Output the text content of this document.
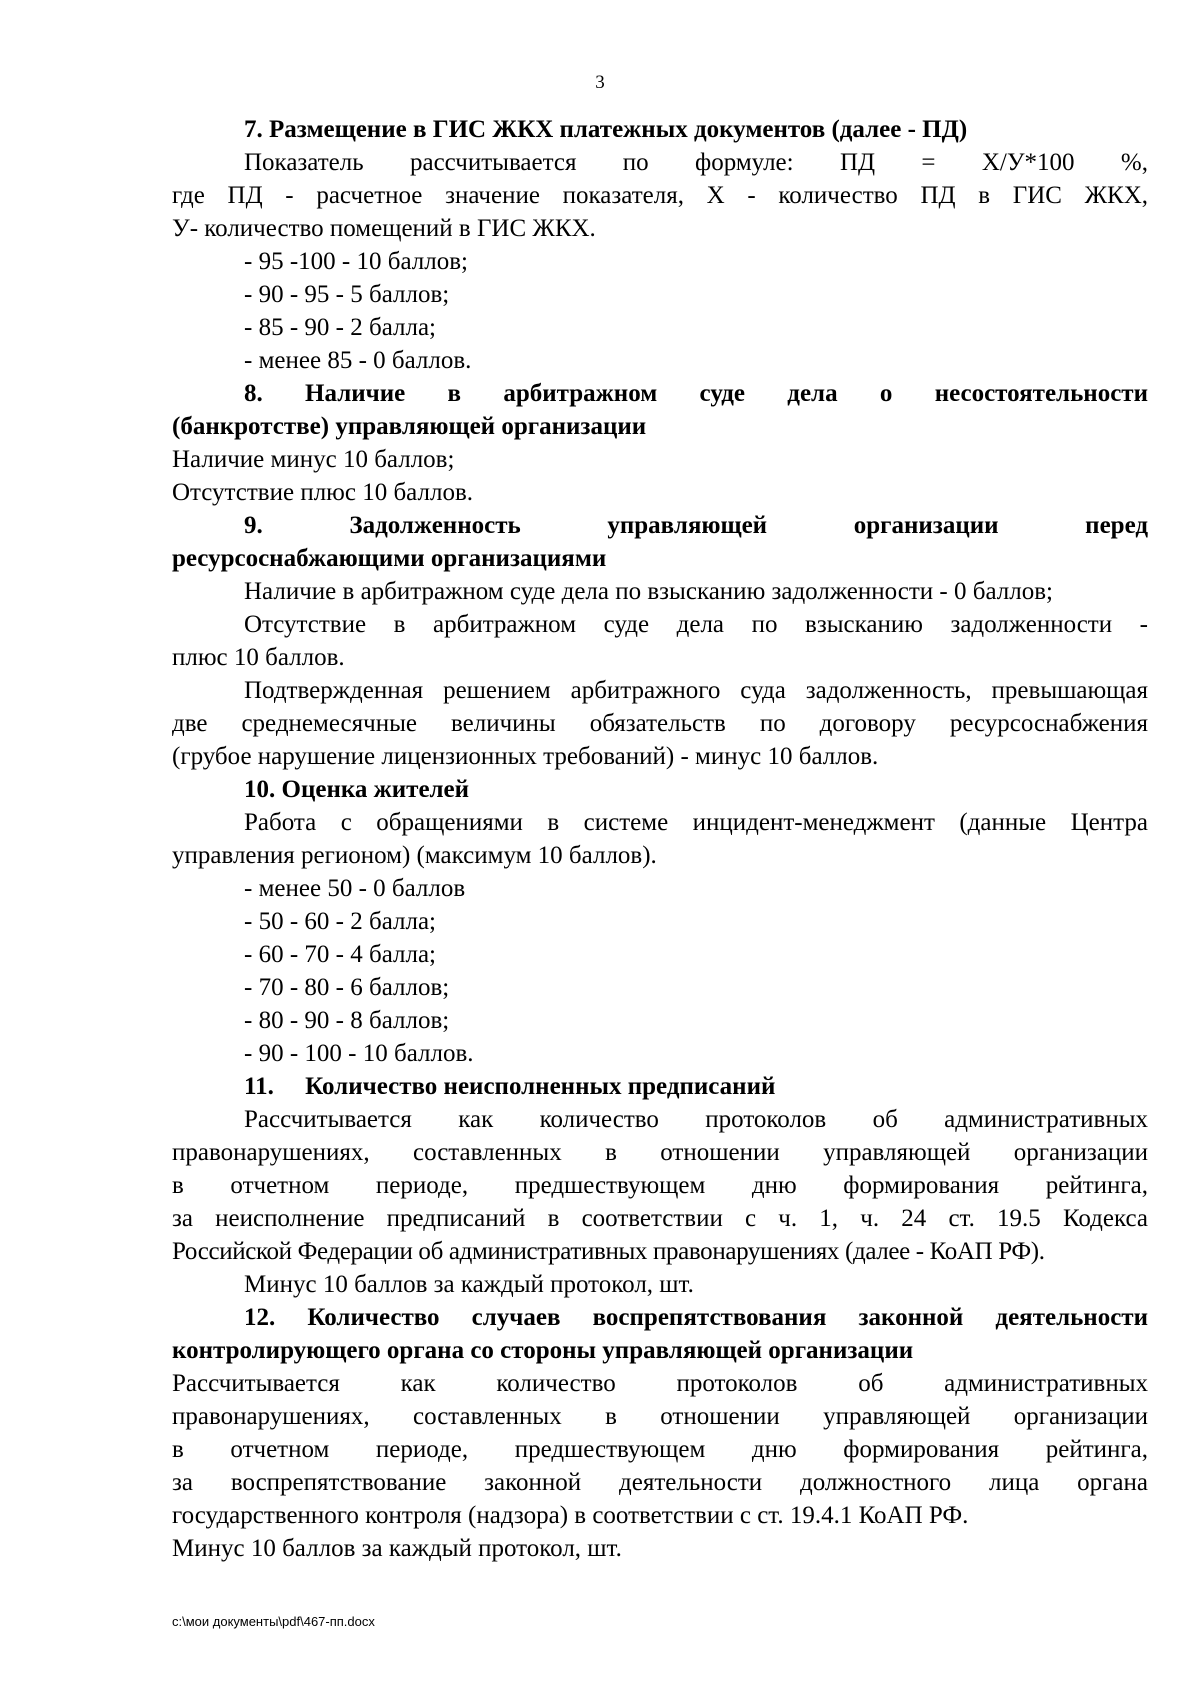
3
7. Размещение в ГИС ЖКХ платежных документов (далее - ПД)
Показатель рассчитывается по формуле: ПД = Х/У*100 %,
где ПД - расчетное значение показателя, Х - количество ПД в ГИС ЖКХ,
У- количество помещений в ГИС ЖКХ.
- 95 -100 - 10 баллов;
- 90 - 95 - 5 баллов;
- 85 - 90 - 2 балла;
- менее 85 - 0 баллов.
8. Наличие в арбитражном суде дела о несостоятельности
(банкротстве) управляющей организации
Наличие минус 10 баллов;
Отсутствие плюс 10 баллов.
9. Задолженность управляющей организации перед
ресурсоснабжающими организациями
Наличие в арбитражном суде дела по взысканию задолженности - 0 баллов;
Отсутствие в арбитражном суде дела по взысканию задолженности -
плюс 10 баллов.
Подтвержденная решением арбитражного суда задолженность, превышающая
две среднемесячные величины обязательств по договору ресурсоснабжения
(грубое нарушение лицензионных требований) - минус 10 баллов.
10. Оценка жителей
Работа с обращениями в системе инцидент-менеджмент (данные Центра
управления регионом) (максимум 10 баллов).
- менее 50 - 0 баллов
- 50 - 60 - 2 балла;
- 60 - 70 - 4 балла;
- 70 - 80 - 6 баллов;
- 80 - 90 - 8 баллов;
- 90 - 100 - 10 баллов.
11.     Количество неисполненных предписаний
Рассчитывается как количество протоколов об административных
правонарушениях, составленных в отношении управляющей организации
в отчетном периоде, предшествующем дню формирования рейтинга,
за неисполнение предписаний в соответствии с ч. 1, ч. 24 ст. 19.5 Кодекса
Российской Федерации об административных правонарушениях (далее - КоАП РФ).
Минус 10 баллов за каждый протокол, шт.
12. Количество случаев воспрепятствования законной деятельности
контролирующего органа со стороны управляющей организации
Рассчитывается как количество протоколов об административных
правонарушениях, составленных в отношении управляющей организации
в отчетном периоде, предшествующем дню формирования рейтинга,
за воспрепятствование законной деятельности должностного лица органа
государственного контроля (надзора) в соответствии с ст. 19.4.1 КоАП РФ.
Минус 10 баллов за каждый протокол, шт.
c:\мои документы\pdf\467-пп.docx
